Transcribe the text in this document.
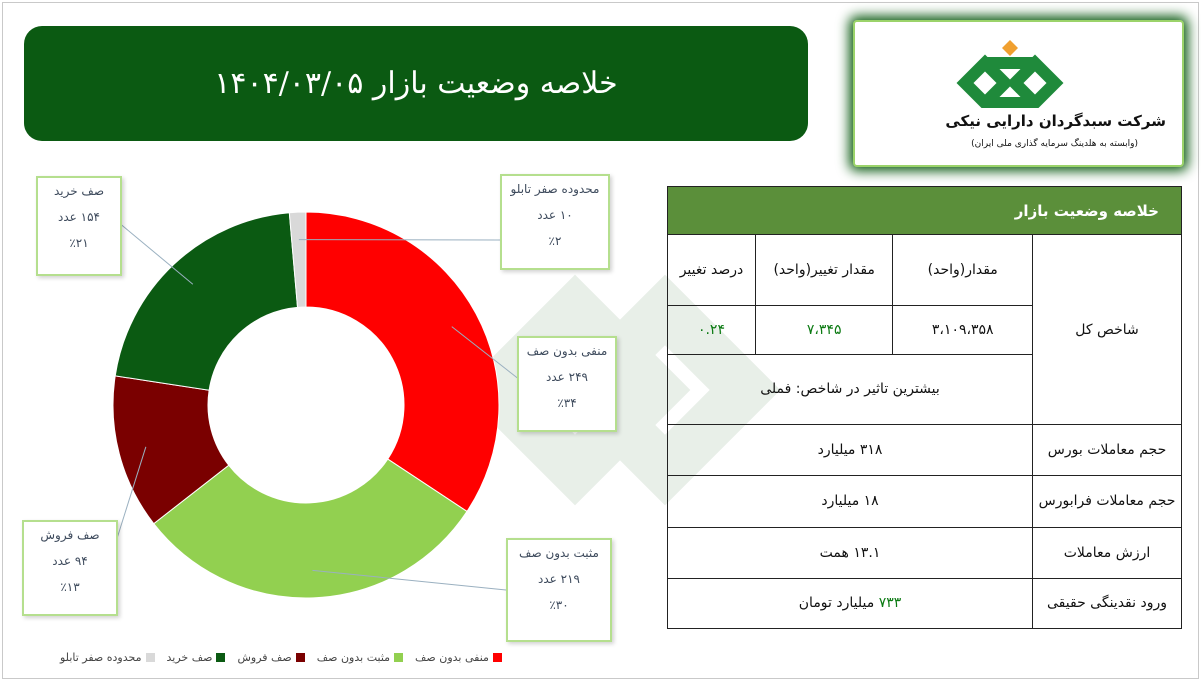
خلاصه وضعیت بازار ۱۴۰۴/۰۳/۰۵
شرکت سبدگردان دارایی نیکی
(وابسته به هلدینگ سرمایه گذاری ملی ایران)
صف خرید
۱۵۴ عدد
٪۲۱
محدوده صفر تابلو
۱۰ عدد
٪۲
منفی بدون صف
۲۴۹ عدد
٪۳۴
صف فروش
۹۴ عدد
٪۱۳
مثبت بدون صف
۲۱۹ عدد
٪۳۰
منفی بدون صف
مثبت بدون صف
صف فروش
صف خرید
محدوده صفر تابلو
خلاصه وضعیت بازار			
شاخص کل	مقدار(واحد)	مقدار تغییر(واحد)	درصد تغییر
	۳،۱۰۹،۳۵۸	۷،۳۴۵	۰.۲۴
	بیشترین تاثیر در شاخص: فملی		
حجم معاملات بورس	۳۱۸ میلیارد		
حجم معاملات فرابورس	۱۸ میلیارد		
ارزش معاملات	۱۳.۱ همت		
ورود نقدینگی حقیقی	۷۳۳ میلیارد تومان		
